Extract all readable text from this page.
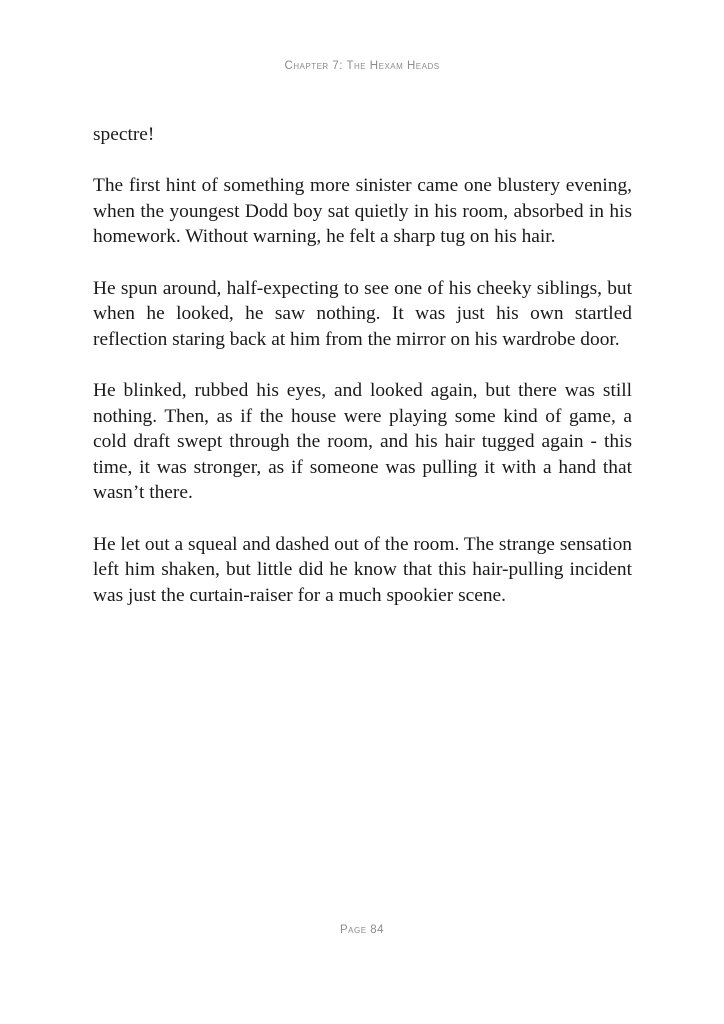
Chapter 7: The Hexam Heads

spectre!

The first hint of something more sinister came one blustery evening, when the youngest Dodd boy sat quietly in his room, absorbed in his homework. Without warning, he felt a sharp tug on his hair.

He spun around, half-expecting to see one of his cheeky siblings, but when he looked, he saw nothing. It was just his own startled reflection staring back at him from the mirror on his wardrobe door.

He blinked, rubbed his eyes, and looked again, but there was still nothing. Then, as if the house were playing some kind of game, a cold draft swept through the room, and his hair tugged again - this time, it was stronger, as if someone was pulling it with a hand that wasn’t there.

He let out a squeal and dashed out of the room. The strange sensation left him shaken, but little did he know that this hair-pulling incident was just the curtain-raiser for a much spookier scene.

Page 84
